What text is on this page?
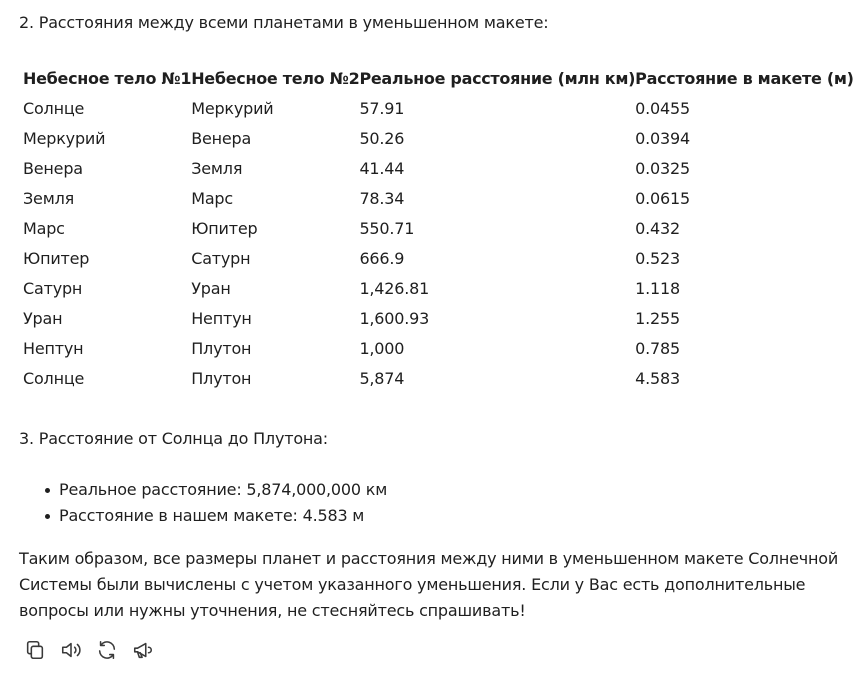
2. Расстояния между всеми планетами в уменьшенном макете:

Небесное тело №1	Небесное тело №2	Реальное расстояние (млн км)	Расстояние в макете (м)
Солнце	Меркурий	57.91	0.0455
Меркурий	Венера	50.26	0.0394
Венера	Земля	41.44	0.0325
Земля	Марс	78.34	0.0615
Марс	Юпитер	550.71	0.432
Юпитер	Сатурн	666.9	0.523
Сатурн	Уран	1,426.81	1.118
Уран	Нептун	1,600.93	1.255
Нептун	Плутон	1,000	0.785
Солнце	Плутон	5,874	4.583

3. Расстояние от Солнца до Плутона:

Реальное расстояние: 5,874,000,000 км
Расстояние в нашем макете: 4.583 м

Таким образом, все размеры планет и расстояния между ними в уменьшенном макете Солнечной Системы были вычислены с учетом указанного уменьшения. Если у Вас есть дополнительные вопросы или нужны уточнения, не стесняйтесь спрашивать!
